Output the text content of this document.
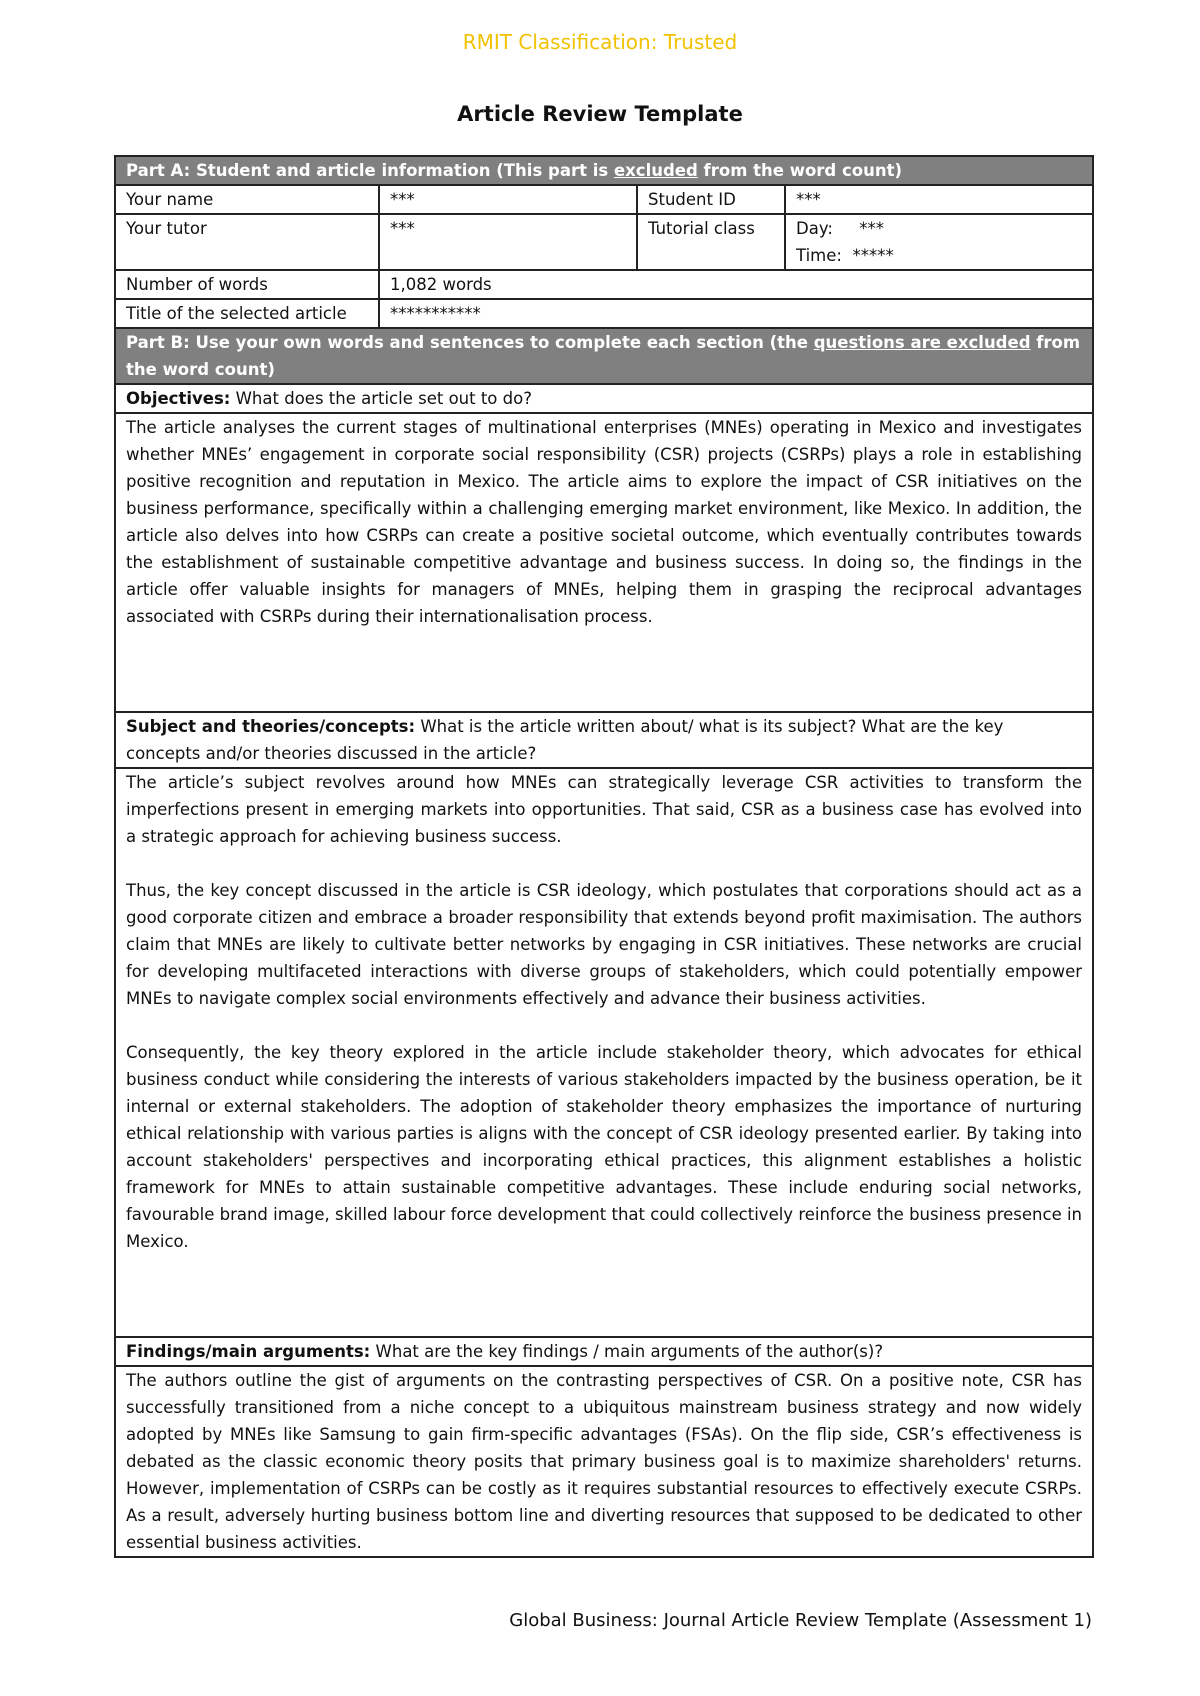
RMIT Classification: Trusted
Article Review Template
Part A: Student and article information (This part is excluded from the word count)			
Your name	***	Student ID	***
Your tutor	***	Tutorial class	Day: ***
Time: *****

Number of words	1,082 words		
Title of the selected article	***********		
Part B: Use your own words and sentences to complete each section (the questions are excluded from the word count)			
Objectives: What does the article set out to do?			

The article analyses the current stages of multinational enterprises (MNEs) operating in Mexico and investigates whether MNEs’ engagement in corporate social responsibility (CSR) projects (CSRPs) plays a role in establishing positive recognition and reputation in Mexico. The article aims to explore the impact of CSR initiatives on the business performance, specifically within a challenging emerging market environment, like Mexico. In addition, the article also delves into how CSRPs can create a positive societal outcome, which eventually contributes towards the establishment of sustainable competitive advantage and business success. In doing so, the findings in the article offer valuable insights for managers of MNEs, helping them in grasping the reciprocal advantages associated with CSRPs during their internationalisation process.			

Subject and theories/concepts: What is the article written about/ what is its subject? What are the key concepts and/or theories discussed in the article?			

The article’s subject revolves around how MNEs can strategically leverage CSR activities to transform the imperfections present in emerging markets into opportunities. That said, CSR as a business case has evolved into a strategic approach for achieving business success.

Thus, the key concept discussed in the article is CSR ideology, which postulates that corporations should act as a good corporate citizen and embrace a broader responsibility that extends beyond profit maximisation. The authors claim that MNEs are likely to cultivate better networks by engaging in CSR initiatives. These networks are crucial for developing multifaceted interactions with diverse groups of stakeholders, which could potentially empower MNEs to navigate complex social environments effectively and advance their business activities.

Consequently, the key theory explored in the article include stakeholder theory, which advocates for ethical business conduct while considering the interests of various stakeholders impacted by the business operation, be it internal or external stakeholders. The adoption of stakeholder theory emphasizes the importance of nurturing ethical relationship with various parties is aligns with the concept of CSR ideology presented earlier. By taking into account stakeholders' perspectives and incorporating ethical practices, this alignment establishes a holistic framework for MNEs to attain sustainable competitive advantages. These include enduring social networks, favourable brand image, skilled labour force development that could collectively reinforce the business presence in Mexico.			

Findings/main arguments: What are the key findings / main arguments of the author(s)?			

The authors outline the gist of arguments on the contrasting perspectives of CSR. On a positive note, CSR has successfully transitioned from a niche concept to a ubiquitous mainstream business strategy and now widely adopted by MNEs like Samsung to gain firm-specific advantages (FSAs). On the flip side, CSR’s effectiveness is debated as the classic economic theory posits that primary business goal is to maximize shareholders' returns. However, implementation of CSRPs can be costly as it requires substantial resources to effectively execute CSRPs. As a result, adversely hurting business bottom line and diverting resources that supposed to be dedicated to other essential business activities.			

Global Business: Journal Article Review Template (Assessment 1)
